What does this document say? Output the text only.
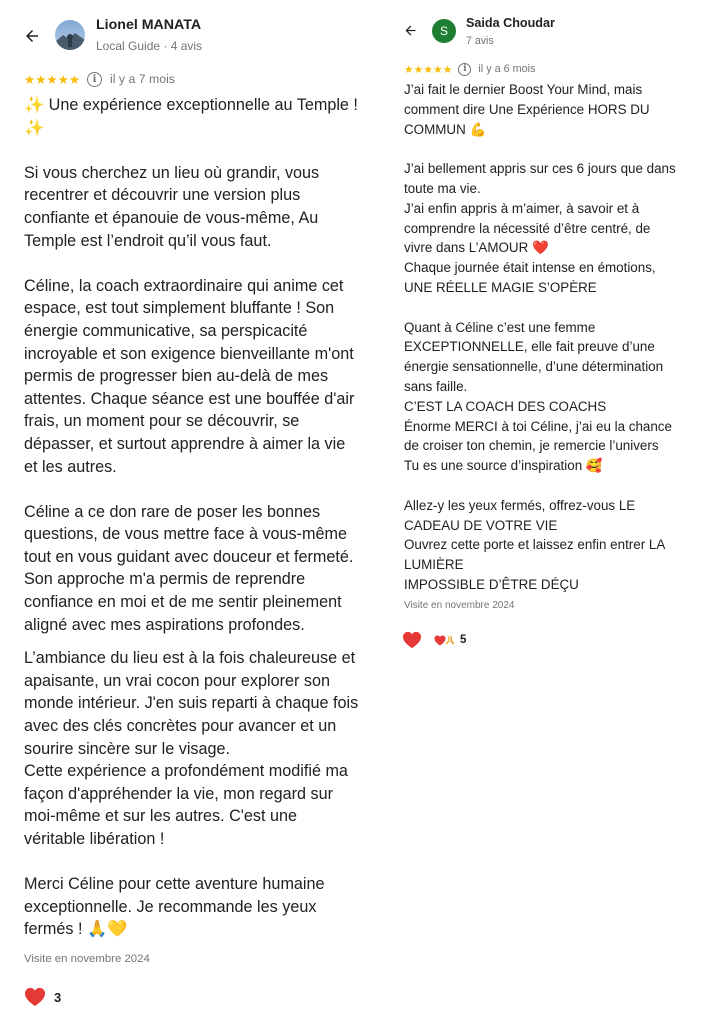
Lionel MANATA
Local Guide · 4 avis
★★★★★	i	il y a 7 mois

✨ Une expérience exceptionnelle au Temple !

✨

Si vous cherchez un lieu où grandir, vous

recentrer et découvrir une version plus

confiante et épanouie de vous-même, Au

Temple est l’endroit qu’il vous faut.

Céline, la coach extraordinaire qui anime cet

espace, est tout simplement bluffante ! Son

énergie communicative, sa perspicacité

incroyable et son exigence bienveillante m'ont

permis de progresser bien au-delà de mes

attentes. Chaque séance est une bouffée d'air

frais, un moment pour se découvrir, se

dépasser, et surtout apprendre à aimer la vie

et les autres.

Céline a ce don rare de poser les bonnes

questions, de vous mettre face à vous-même

tout en vous guidant avec douceur et fermeté.

Son approche m'a permis de reprendre

confiance en moi et de me sentir pleinement

aligné avec mes aspirations profondes.

L’ambiance du lieu est à la fois chaleureuse et

apaisante, un vrai cocon pour explorer son

monde intérieur. J'en suis reparti à chaque fois

avec des clés concrètes pour avancer et un

sourire sincère sur le visage.

Cette expérience a profondément modifié ma

façon d'appréhender la vie, mon regard sur

moi-même et sur les autres. C'est une

véritable libération !

Merci Céline pour cette aventure humaine

exceptionnelle. Je recommande les yeux

fermés ! 🙏💛

Visite en novembre 2024
3
S
Saida Choudar
7 avis
★★★★★	i	il y a 6 mois

J’ai fait le dernier Boost Your Mind, mais

comment dire Une Expérience HORS DU

COMMUN 💪

J’ai bellement appris sur ces 6 jours que dans

toute ma vie.

J’ai enfin appris à m’aimer, à savoir et à

comprendre la nécessité d’être centré, de

vivre dans L’AMOUR ❤️

Chaque journée était intense en émotions,

UNE RÉELLE MAGIE S’OPÈRE

Quant à Céline c’est une femme

EXCEPTIONNELLE, elle fait preuve d’une

énergie sensationnelle, d’une détermination

sans faille.

C’EST LA COACH DES COACHS

Énorme MERCI à toi Céline, j’ai eu la chance

de croiser ton chemin, je remercie l’univers

Tu es une source d’inspiration 🥰

Allez-y les yeux fermés, offrez-vous LE

CADEAU DE VOTRE VIE

Ouvrez cette porte et laissez enfin entrer LA

LUMIÈRE

IMPOSSIBLE D’ÊTRE DÉÇU

Visite en novembre 2024
5
